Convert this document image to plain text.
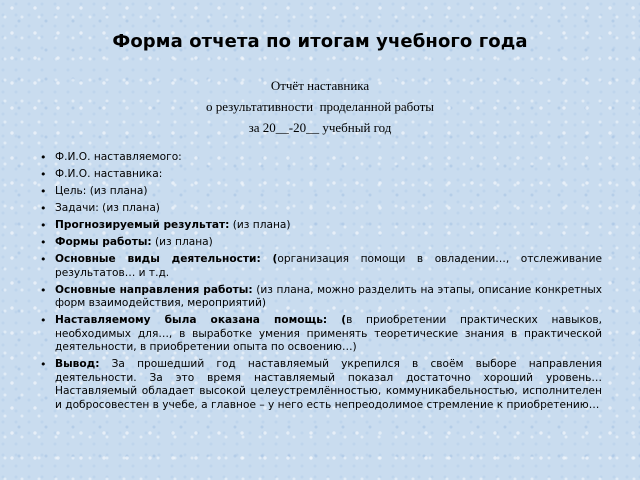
Форма отчета по итогам учебного года
Отчёт наставника
о результативности  проделанной работы
за 20__-20__ учебный год
• Ф.И.О. наставляемого:
• Ф.И.О. наставника:
• Цель: (из плана)
• Задачи: (из плана)
• Прогнозируемый результат: (из плана)
• Формы работы: (из плана)
• Основные виды деятельности: (организация помощи в овладении…, отслеживание результатов… и т.д.
• Основные направления работы: (из плана, можно разделить на этапы, описание конкретных форм взаимодействия, мероприятий)
• Наставляемому была оказана помощь: (в приобретении практических навыков, необходимых для…, в выработке умения применять теоретические знания в практической деятельности, в приобретении опыта по освоению…)
• Вывод: За прошедший год наставляемый укрепился в своём выборе направления деятельности. За это время наставляемый показал достаточно хороший уровень… Наставляемый обладает высокой целеустремлённостью, коммуникабельностью, исполнителен и добросовестен в учебе, а главное – у него есть непреодолимое стремление к приобретению…
